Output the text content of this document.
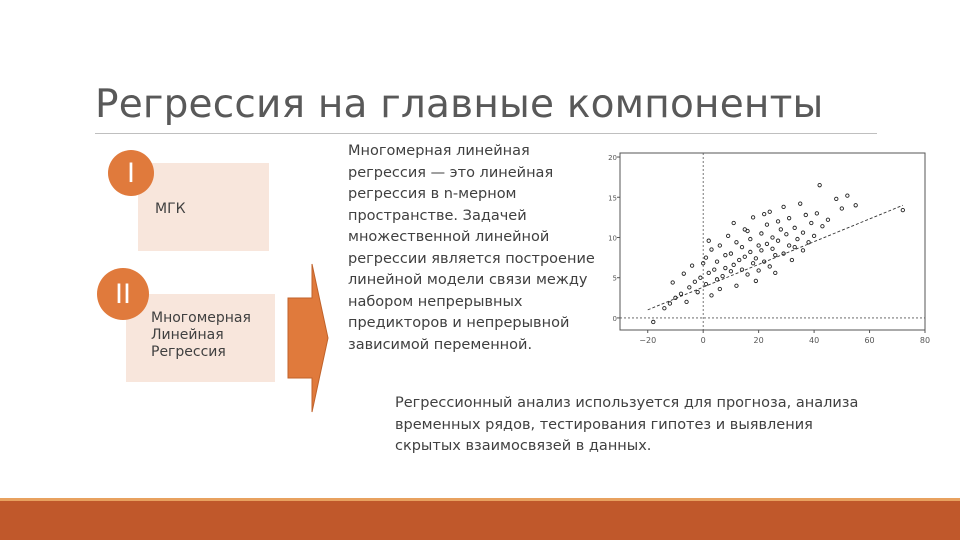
Регрессия на главные компоненты
I
МГК
II
Многомерная Линейная Регрессия
Многомерная линейная регрессия — это линейная регрессия в n-мерном пространстве. Задачей множественной линейной регрессии является построение линейной модели связи между набором непрерывных предикторов и непрерывной зависимой переменной.	−20	0	20	40	60	80
20
15
10
5
0
Регрессионный анализ используется для прогноза, анализа временных рядов, тестирования гипотез и выявления скрытых взаимосвязей в данных.
